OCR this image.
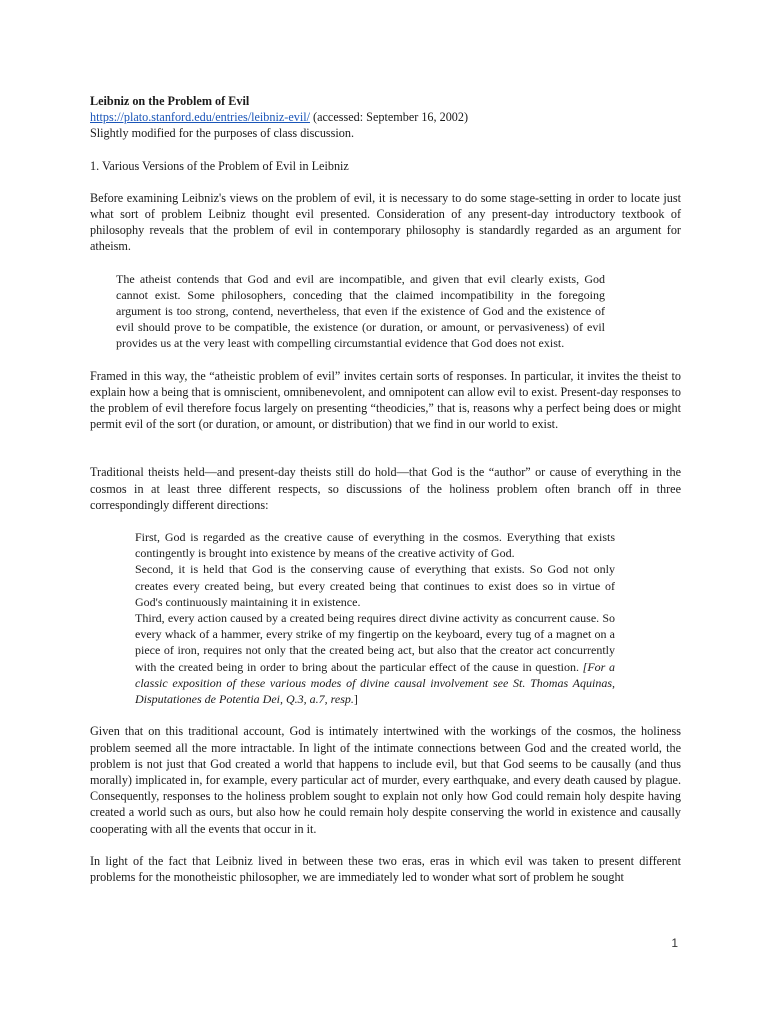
Leibniz on the Problem of Evil

https://plato.stanford.edu/entries/leibniz-evil/ (accessed: September 16, 2002)

Slightly modified for the purposes of class discussion.

1. Various Versions of the Problem of Evil in Leibniz

Before examining Leibniz's views on the problem of evil, it is necessary to do some stage-setting in order to locate just what sort of problem Leibniz thought evil presented. Consideration of any present-day introductory textbook of philosophy reveals that the problem of evil in contemporary philosophy is standardly regarded as an argument for atheism.

The atheist contends that God and evil are incompatible, and given that evil clearly exists, God cannot exist. Some philosophers, conceding that the claimed incompatibility in the foregoing argument is too strong, contend, nevertheless, that even if the existence of God and the existence of evil should prove to be compatible, the existence (or duration, or amount, or pervasiveness) of evil provides us at the very least with compelling circumstantial evidence that God does not exist.

Framed in this way, the “atheistic problem of evil” invites certain sorts of responses. In particular, it invites the theist to explain how a being that is omniscient, omnibenevolent, and omnipotent can allow evil to exist. Present-day responses to the problem of evil therefore focus largely on presenting “theodicies,” that is, reasons why a perfect being does or might permit evil of the sort (or duration, or amount, or distribution) that we find in our world to exist.

Traditional theists held—and present-day theists still do hold—that God is the “author” or cause of everything in the cosmos in at least three different respects, so discussions of the holiness problem often branch off in three correspondingly different directions:

First, God is regarded as the creative cause of everything in the cosmos. Everything that exists contingently is brought into existence by means of the creative activity of God.

Second, it is held that God is the conserving cause of everything that exists. So God not only creates every created being, but every created being that continues to exist does so in virtue of God's continuously maintaining it in existence.

Third, every action caused by a created being requires direct divine activity as concurrent cause. So every whack of a hammer, every strike of my fingertip on the keyboard, every tug of a magnet on a piece of iron, requires not only that the created being act, but also that the creator act concurrently with the created being in order to bring about the particular effect of the cause in question. [For a classic exposition of these various modes of divine causal involvement see St. Thomas Aquinas, Disputationes de Potentia Dei, Q.3, a.7, resp.]

Given that on this traditional account, God is intimately intertwined with the workings of the cosmos, the holiness problem seemed all the more intractable. In light of the intimate connections between God and the created world, the problem is not just that God created a world that happens to include evil, but that God seems to be causally (and thus morally) implicated in, for example, every particular act of murder, every earthquake, and every death caused by plague. Consequently, responses to the holiness problem sought to explain not only how God could remain holy despite having created a world such as ours, but also how he could remain holy despite conserving the world in existence and causally cooperating with all the events that occur in it.

In light of the fact that Leibniz lived in between these two eras, eras in which evil was taken to present different problems for the monotheistic philosopher, we are immediately led to wonder what sort of problem he sought

1
